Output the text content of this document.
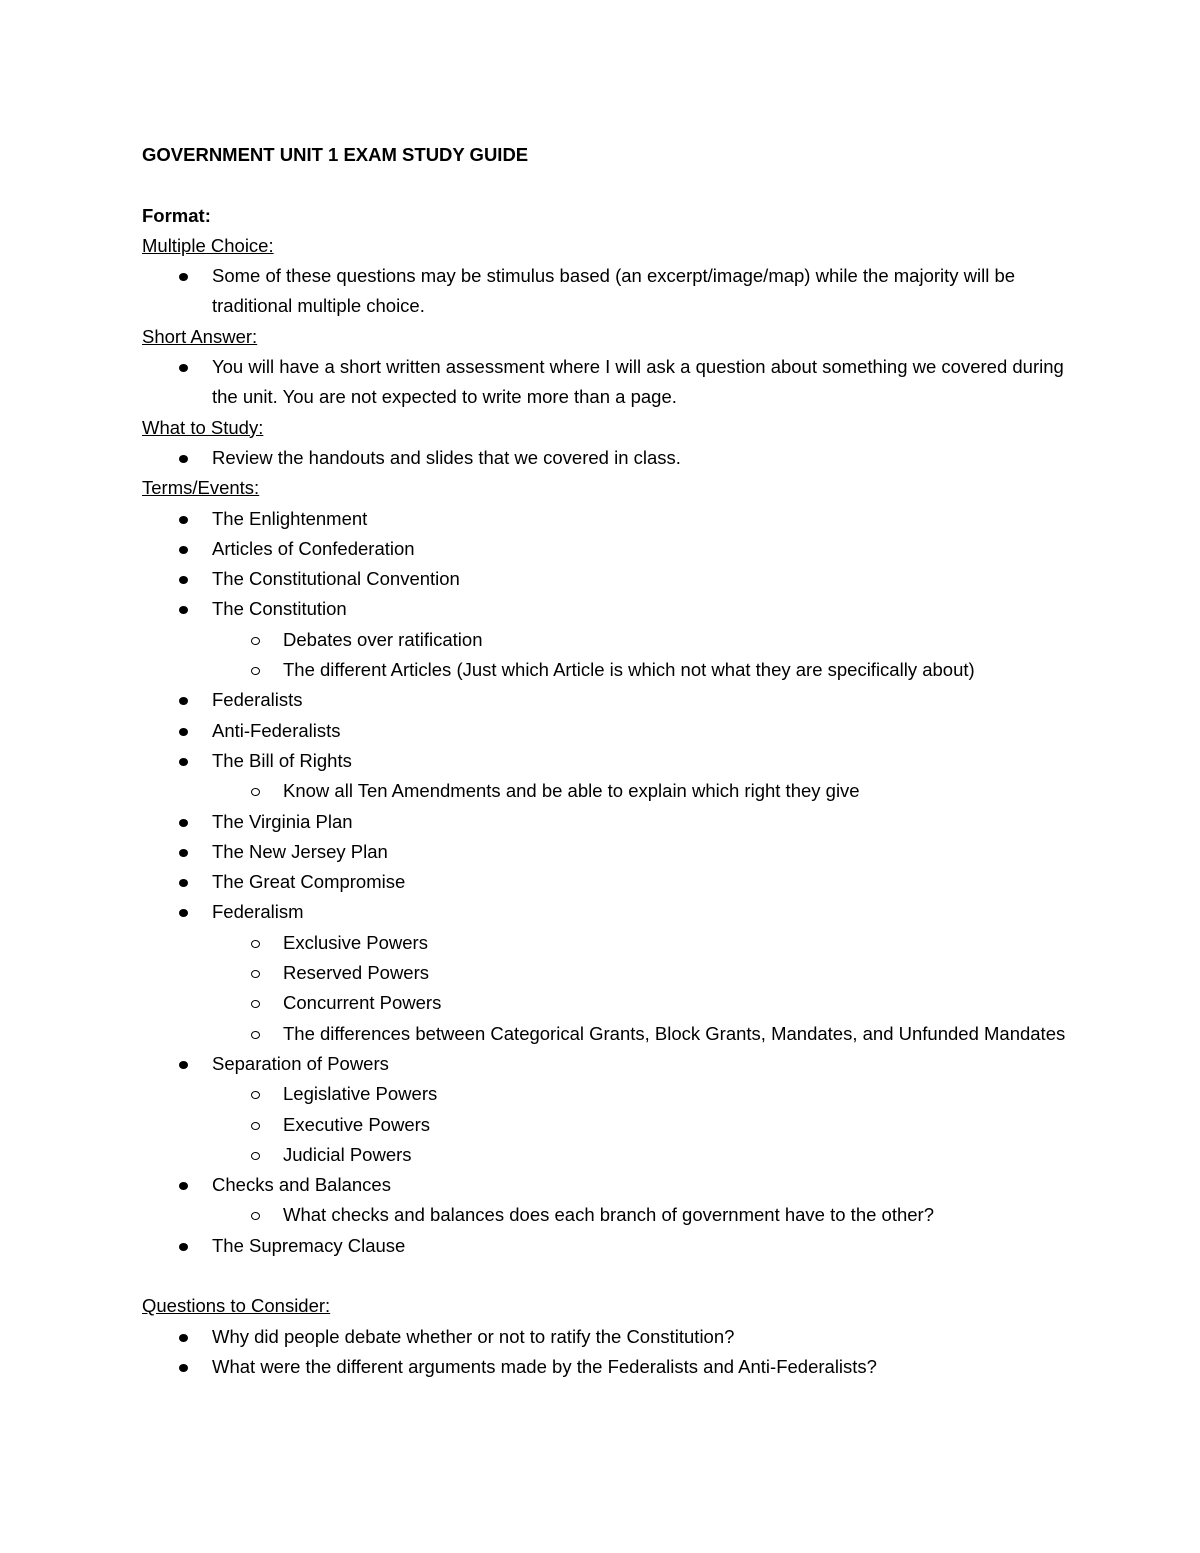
GOVERNMENT UNIT 1 EXAM STUDY GUIDE
Format:
Multiple Choice:
Some of these questions may be stimulus based (an excerpt/image/map) while the majority will be traditional multiple choice.
Short Answer:
You will have a short written assessment where I will ask a question about something we covered during the unit. You are not expected to write more than a page.
What to Study:
Review the handouts and slides that we covered in class.
Terms/Events:
The Enlightenment
Articles of Confederation
The Constitutional Convention
The Constitution
Debates over ratification
The different Articles (Just which Article is which not what they are specifically about)
Federalists
Anti-Federalists
The Bill of Rights
Know all Ten Amendments and be able to explain which right they give
The Virginia Plan
The New Jersey Plan
The Great Compromise
Federalism
Exclusive Powers
Reserved Powers
Concurrent Powers
The differences between Categorical Grants, Block Grants, Mandates, and Unfunded Mandates
Separation of Powers
Legislative Powers
Executive Powers
Judicial Powers
Checks and Balances
What checks and balances does each branch of government have to the other?
The Supremacy Clause
Questions to Consider:
Why did people debate whether or not to ratify the Constitution?
What were the different arguments made by the Federalists and Anti-Federalists?
